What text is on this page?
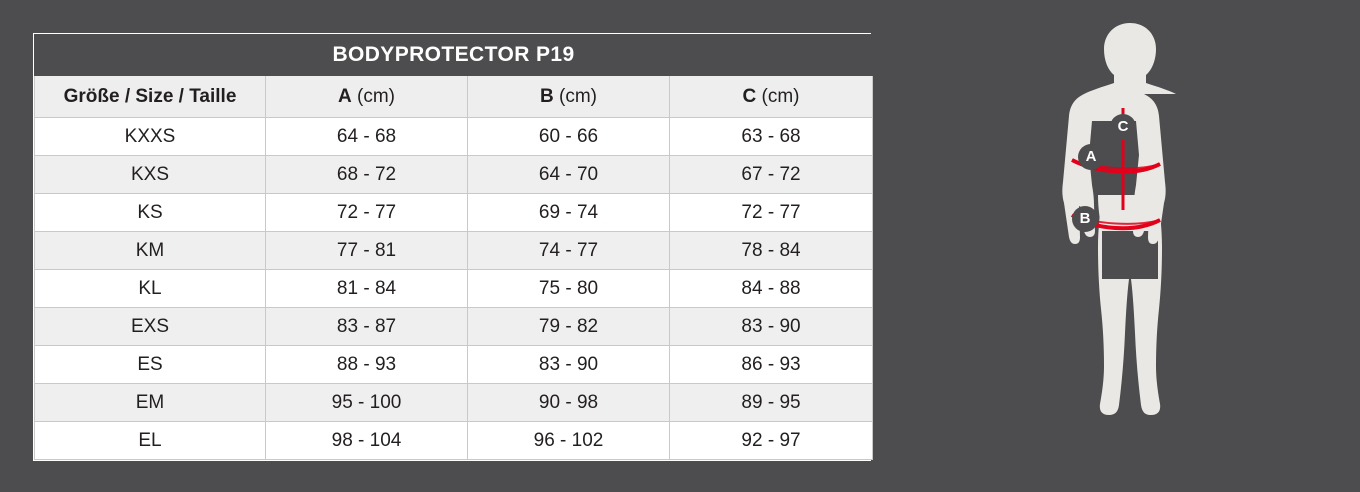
BODYPROTECTOR P19			
Größe / Size / Taille	A (cm)	B (cm)	C (cm)
KXXS	64 - 68	60 - 66	63 - 68
KXS	68 - 72	64 - 70	67 - 72
KS	72 - 77	69 - 74	72 - 77
KM	77 - 81	74 - 77	78 - 84
KL	81 - 84	75 - 80	84 - 88
EXS	83 - 87	79 - 82	83 - 90
ES	88 - 93	83 - 90	86 - 93
EM	95 - 100	90 - 98	89 - 95
EL	98 - 104	96 - 102	92 - 97
A
B
C
